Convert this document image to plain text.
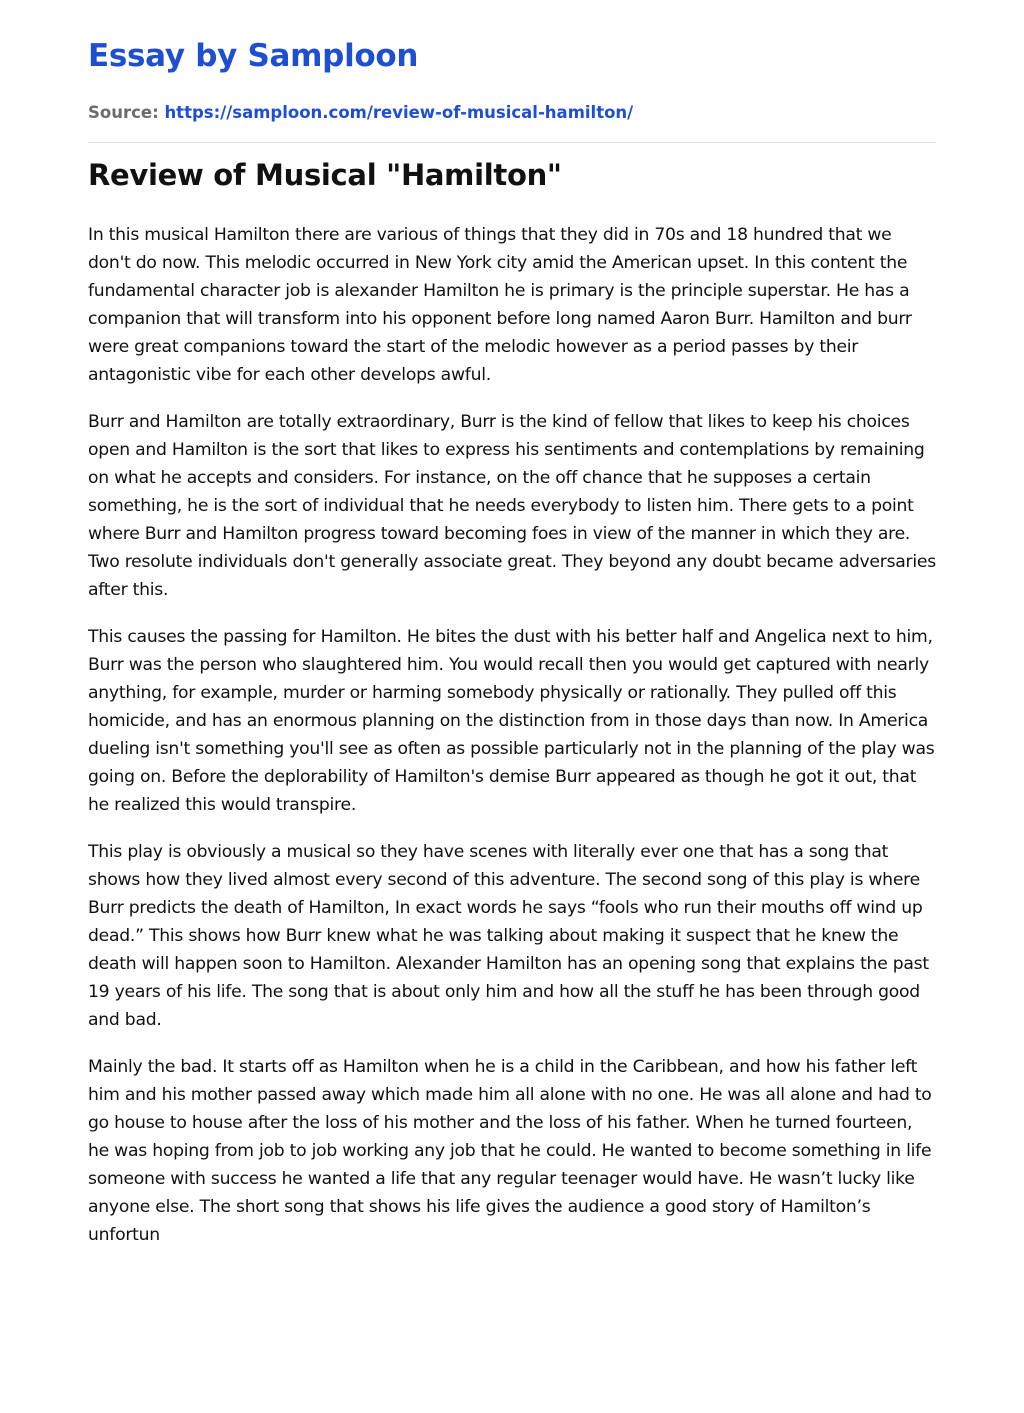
Essay by Samploon
Source: https://samploon.com/review-of-musical-hamilton/
Review of Musical "Hamilton"

In this musical Hamilton there are various of things that they did in 70s and 18 hundred that we don't do now. This melodic occurred in New York city amid the American upset. In this content the fundamental character job is alexander Hamilton he is primary is the principle superstar. He has a companion that will transform into his opponent before long named Aaron Burr. Hamilton and burr were great companions toward the start of the melodic however as a period passes by their antagonistic vibe for each other develops awful.

Burr and Hamilton are totally extraordinary, Burr is the kind of fellow that likes to keep his choices open and Hamilton is the sort that likes to express his sentiments and contemplations by remaining on what he accepts and considers. For instance, on the off chance that he supposes a certain something, he is the sort of individual that he needs everybody to listen him. There gets to a point where Burr and Hamilton progress toward becoming foes in view of the manner in which they are. Two resolute individuals don't generally associate great. They beyond any doubt became adversaries after this.

This causes the passing for Hamilton. He bites the dust with his better half and Angelica next to him, Burr was the person who slaughtered him. You would recall then you would get captured with nearly anything, for example, murder or harming somebody physically or rationally. They pulled off this homicide, and has an enormous planning on the distinction from in those days than now. In America dueling isn't something you'll see as often as possible particularly not in the planning of the play was going on. Before the deplorability of Hamilton's demise Burr appeared as though he got it out, that he realized this would transpire.

This play is obviously a musical so they have scenes with literally ever one that has a song that shows how they lived almost every second of this adventure. The second song of this play is where Burr predicts the death of Hamilton, In exact words he says “fools who run their mouths off wind up dead.” This shows how Burr knew what he was talking about making it suspect that he knew the death will happen soon to Hamilton. Alexander Hamilton has an opening song that explains the past 19 years of his life. The song that is about only him and how all the stuff he has been through good and bad.

Mainly the bad. It starts off as Hamilton when he is a child in the Caribbean, and how his father left him and his mother passed away which made him all alone with no one. He was all alone and had to go house to house after the loss of his mother and the loss of his father. When he turned fourteen, he was hoping from job to job working any job that he could. He wanted to become something in life someone with success he wanted a life that any regular teenager would have. He wasn’t lucky like anyone else. The short song that shows his life gives the audience a good story of Hamilton’s unfortun
